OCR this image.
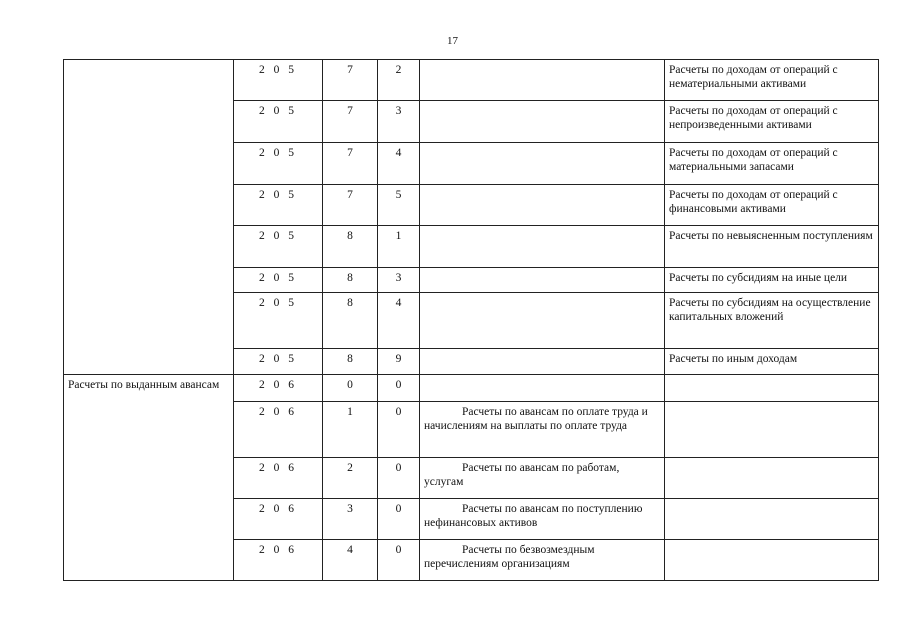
17
	2 0 5	7	2		Расчеты по доходам от операций с нематериальными активами
	2 0 5	7	3		Расчеты по доходам от операций с непроизведенными активами
	2 0 5	7	4		Расчеты по доходам от операций с материальными запасами
	2 0 5	7	5		Расчеты по доходам от операций с финансовыми активами
	2 0 5	8	1		Расчеты по невыясненным поступлениям
	2 0 5	8	3		Расчеты по субсидиям на иные цели
	2 0 5	8	4		Расчеты по субсидиям на осуществление капитальных вложений
	2 0 5	8	9		Расчеты по иным доходам
Расчеты по выданным авансам	2 0 6	0	0		
	2 0 6	1	0	Расчеты по авансам по оплате труда и начислениям на выплаты по оплате труда	
	2 0 6	2	0	Расчеты по авансам по работам, услугам	
	2 0 6	3	0	Расчеты по авансам по поступлению нефинансовых активов	
	2 0 6	4	0	Расчеты по безвозмездным перечислениям организациям	
